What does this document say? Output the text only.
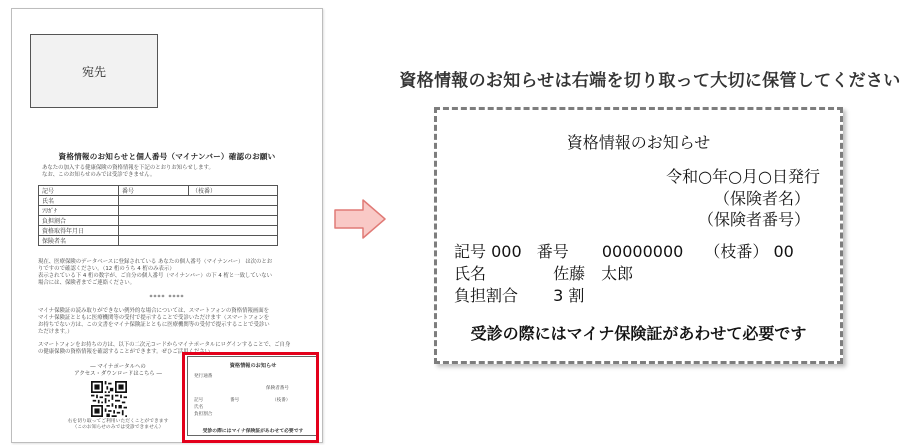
宛先
資格情報のお知らせと個人番号（マイナンバー）確認のお願い
あなたの加入する健康保険の資格情報を下記のとおりお知らせします。
なお、このお知らせのみでは受診できません。
記号	番号	（枝番）
氏名		
ﾌﾘｶﾞﾅ		
負担割合		
資格取得年月日		
保険者名		
現在、医療保険のデータベースに登録されている あなたの個人番号（マイナンバー） は次のとお
りですので確認ください。（12 桁のうち 4 桁のみ表示）
表示されている下 4 桁の数字が、ご自分の個人番号（マイナンバー）の下 4 桁と一致していない
場合には、保険者までご連絡ください。
**** ****
マイナ保険証の読み取りができない例外的な場合については、スマートフォンの資格情報画面を
マイナ保険証とともに医療機関等の受付で提示することで受診いただけます（スマートフォンを
お持ちでない方は、この文書をマイナ保険証とともに医療機関等の受付で提示することで受診い
ただけます。）
スマートフォンをお持ちの方は、以下の二次元コードからマイナポータルにログインすることで、ご自身
の健康保険の資格情報を確認することができます。ぜひご活用ください。
― マイナポータルへの
アクセス・ダウンロードはこちら ―
右を切り取ってご利用いただくことができます
（このお知らせのみでは受診できません）
資格情報のお知らせ
発行通番
保険者番号
記号	番号	（枝番）
氏名
負担割合
受診の際にはマイナ保険証があわせて必要です
資格情報のお知らせは右端を切り取って大切に保管してください
資格情報のお知らせ
令和○年○月○日発行
（保険者名）
（保険者番号）
記号 000 番号 00000000 （枝番） 00
氏名	佐藤　太郎
負担割合 3 割
受診の際にはマイナ保険証があわせて必要です
